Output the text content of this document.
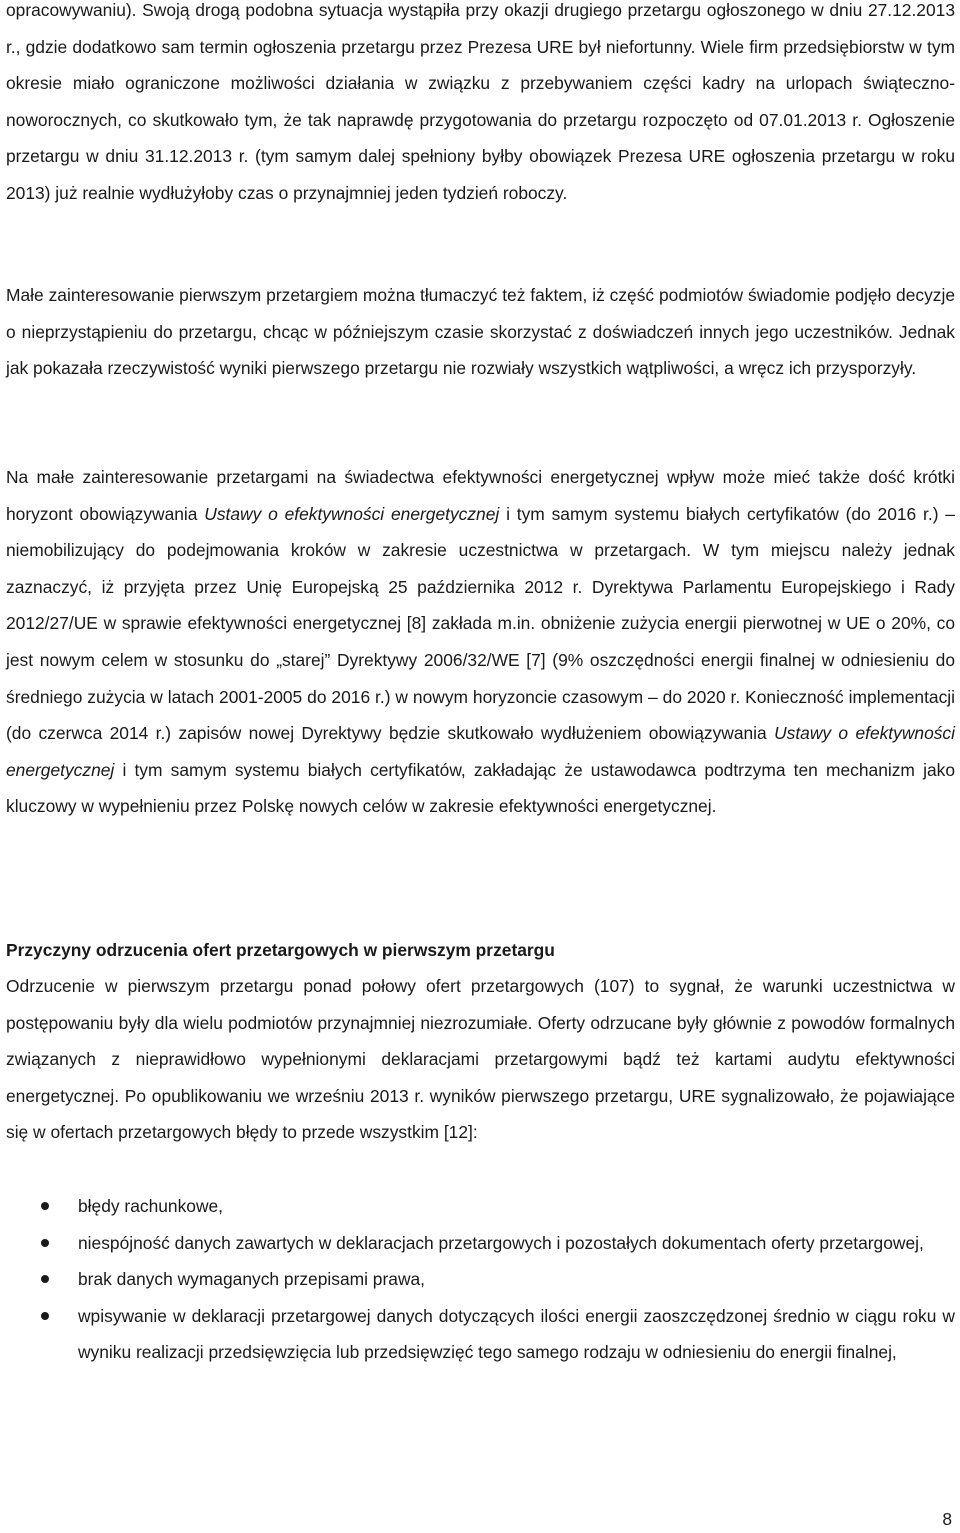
opracowywaniu). Swoją drogą podobna sytuacja wystąpiła przy okazji drugiego przetargu ogłoszonego w dniu 27.12.2013 r., gdzie dodatkowo sam termin ogłoszenia przetargu przez Prezesa URE był niefortunny. Wiele firm przedsiębiorstw w tym okresie miało ograniczone możliwości działania w związku z przebywaniem części kadry na urlopach świąteczno-noworocznych, co skutkowało tym, że tak naprawdę przygotowania do przetargu rozpoczęto od 07.01.2013 r. Ogłoszenie przetargu w dniu 31.12.2013 r. (tym samym dalej spełniony byłby obowiązek Prezesa URE ogłoszenia przetargu w roku 2013) już realnie wydłużyłoby czas o przynajmniej jeden tydzień roboczy.

Małe zainteresowanie pierwszym przetargiem można tłumaczyć też faktem, iż część podmiotów świadomie podjęło decyzje o nieprzystąpieniu do przetargu, chcąc w późniejszym czasie skorzystać z doświadczeń innych jego uczestników. Jednak jak pokazała rzeczywistość wyniki pierwszego przetargu nie rozwiały wszystkich wątpliwości, a wręcz ich przysporzyły.

Na małe zainteresowanie przetargami na świadectwa efektywności energetycznej wpływ może mieć także dość krótki horyzont obowiązywania Ustawy o efektywności energetycznej i tym samym systemu białych certyfikatów (do 2016 r.) – niemobilizujący do podejmowania kroków w zakresie uczestnictwa w przetargach. W tym miejscu należy jednak zaznaczyć, iż przyjęta przez Unię Europejską 25 października 2012 r. Dyrektywa Parlamentu Europejskiego i Rady 2012/27/UE w sprawie efektywności energetycznej [8] zakłada m.in. obniżenie zużycia energii pierwotnej w UE o 20%, co jest nowym celem w stosunku do „starej” Dyrektywy 2006/32/WE [7] (9% oszczędności energii finalnej w odniesieniu do średniego zużycia w latach 2001-2005 do 2016 r.) w nowym horyzoncie czasowym – do 2020 r. Konieczność implementacji (do czerwca 2014 r.) zapisów nowej Dyrektywy będzie skutkowało wydłużeniem obowiązywania Ustawy o efektywności energetycznej i tym samym systemu białych certyfikatów, zakładając że ustawodawca podtrzyma ten mechanizm jako kluczowy w wypełnieniu przez Polskę nowych celów w zakresie efektywności energetycznej.

Przyczyny odrzucenia ofert przetargowych w pierwszym przetargu

Odrzucenie w pierwszym przetargu ponad połowy ofert przetargowych (107) to sygnał, że warunki uczestnictwa w postępowaniu były dla wielu podmiotów przynajmniej niezrozumiałe. Oferty odrzucane były głównie z powodów formalnych związanych z nieprawidłowo wypełnionymi deklaracjami przetargowymi bądź też kartami audytu efektywności energetycznej. Po opublikowaniu we wrześniu 2013 r. wyników pierwszego przetargu, URE sygnalizowało, że pojawiające się w ofertach przetargowych błędy to przede wszystkim [12]:

błędy rachunkowe,
niespójność danych zawartych w deklaracjach przetargowych i pozostałych dokumentach oferty przetargowej,
brak danych wymaganych przepisami prawa,
wpisywanie w deklaracji przetargowej danych dotyczących ilości energii zaoszczędzonej średnio w ciągu roku w wyniku realizacji przedsięwzięcia lub przedsięwzięć tego samego rodzaju w odniesieniu do energii finalnej,
8
